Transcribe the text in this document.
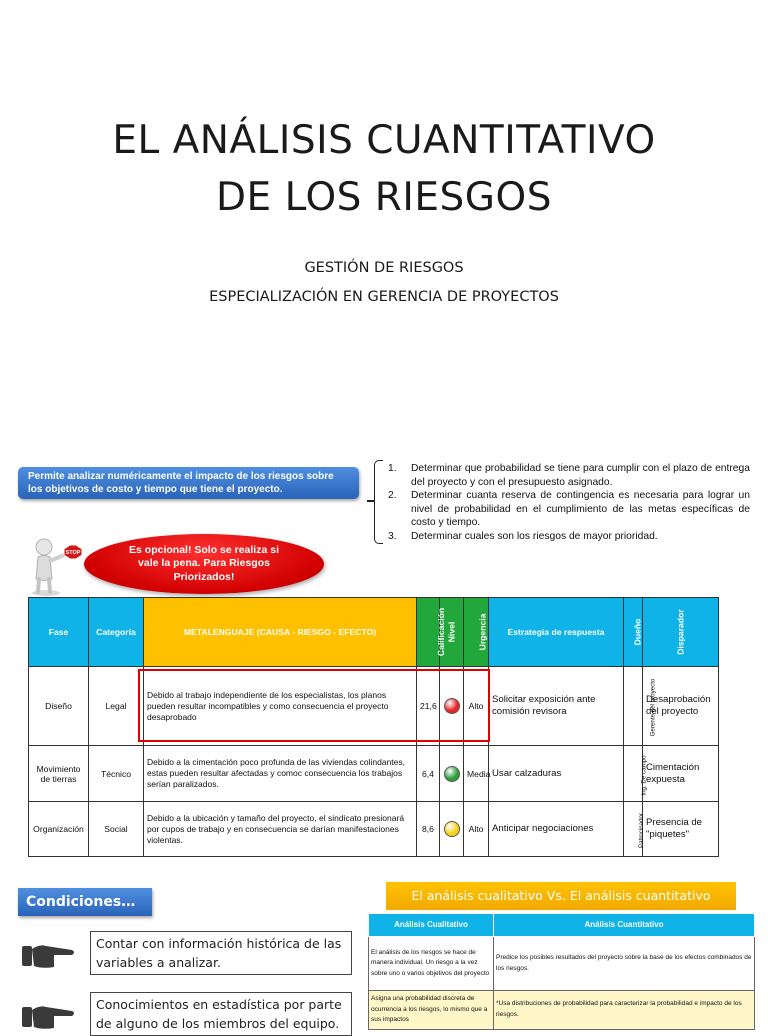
EL ANÁLISIS CUANTITATIVO
DE LOS RIESGOS
GESTIÓN DE RIESGOS
ESPECIALIZACIÓN EN GERENCIA DE PROYECTOS
Permite analizar numéricamente el impacto de los riesgos sobre los objetivos de costo y tiempo que tiene el proyecto.
1. Determinar que probabilidad se tiene para cumplir con el plazo de entrega del proyecto y con el presupuesto asignado.
2. Determinar cuanta reserva de contingencia es necesaria para lograr un nivel de probabilidad en el cumplimiento de las metas específicas de costo y tiempo.
3. Determinar cuales son los riesgos de mayor prioridad.
STOP	Es opcional! Solo se realiza si vale la pena. Para Riesgos Priorizados!
Fase	Categoría	METALENGUAJE (CAUSA - RIESGO - EFECTO)	Calificación	Nivel	Urgencia	Estrategia de respuesta	Dueño	Disparador
Diseño	Legal	Debido al trabajo independiente de los especialistas, los planos pueden resultar incompatibles y como consecuencia el proyecto desaprobado	21,6		Alto	Solicitar exposición ante comisión revisora	Gerente del proyecto	Desaprobación del proyecto
Movimiento de tierras	Técnico	Debido a la cimentación poco profunda de las viviendas colindantes, estas pueden resultar afectadas y comoc consecuencia los trabajos serían paralizados.	6,4		Media	Usar calzaduras	Ing. De campo	Cimentación expuesta
Organización	Social	Debido a la ubicación y tamaño del proyecto, el sindicato presionará por cupos de trabajo y en consecuencia se darían manifestaciones violentas.	8,6		Alto	Anticipar negociaciones	Patrocinador	Presencia de "piquetes"
Condiciones…
Contar con información histórica de las variables a analizar.
Conocimientos en estadística por parte de alguno de los miembros del equipo.
El análisis cualitativo Vs. El análisis cuantitativo
Análisis Cualitativo	Análisis Cuantitativo
El análisis de los riesgos se hace de manera individual. Un riesgo a la vez sobre uno o varios objetivos del proyecto	Predice los posibles resultados del proyecto sobre la base de los efectos combinados de los riesgos.
Asigna una probabilidad discreta de ocurrencia a los riesgos, lo mismo que a sus impactos	*Usa distribuciones de probabilidad para caracterizar la probabilidad e impacto de los riesgos.
